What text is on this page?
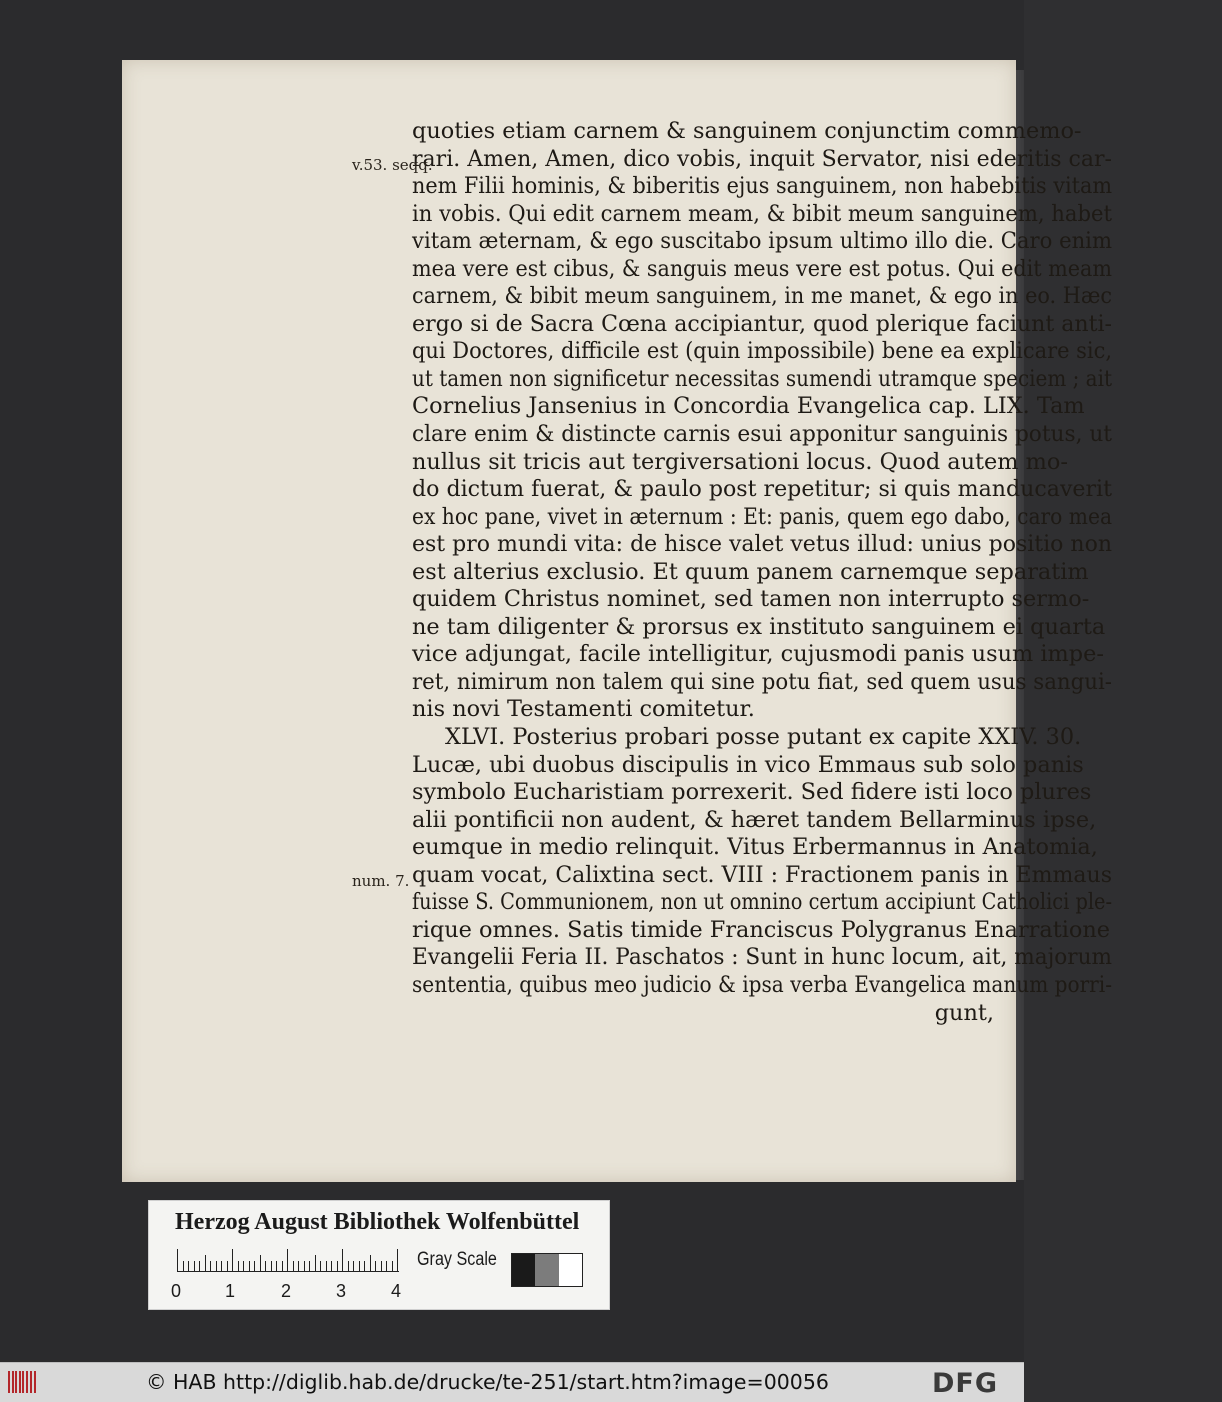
quoties etiam carnem & sanguinem conjunctim commemo-
rari. Amen, Amen, dico vobis, inquit Servator, nisi ederitis car-
nem Filii hominis, & biberitis ejus sanguinem, non habebitis vitam
in vobis. Qui edit carnem meam, & bibit meum sanguinem, habet
vitam æternam, & ego suscitabo ipsum ultimo illo die. Caro enim
mea vere est cibus, & sanguis meus vere est potus. Qui edit meam
carnem, & bibit meum sanguinem, in me manet, & ego in eo. Hæc
ergo si de Sacra Cœna accipiantur, quod plerique faciunt anti-
qui Doctores, difficile est (quin impossibile) bene ea explicare sic,
ut tamen non significetur necessitas sumendi utramque speciem ; ait
Cornelius Jansenius in Concordia Evangelica cap. LIX. Tam
clare enim & distincte carnis esui apponitur sanguinis potus, ut
nullus sit tricis aut tergiversationi locus. Quod autem mo-
do dictum fuerat, & paulo post repetitur; si quis manducaverit
ex hoc pane, vivet in æternum : Et: panis, quem ego dabo, caro mea
est pro mundi vita: de hisce valet vetus illud: unius positio non
est alterius exclusio. Et quum panem carnemque separatim
quidem Christus nominet, sed tamen non interrupto sermo-
ne tam diligenter & prorsus ex instituto sanguinem ei quarta
vice adjungat, facile intelligitur, cujusmodi panis usum impe-
ret, nimirum non talem qui sine potu fiat, sed quem usus sangui-
nis novi Testamenti comitetur.
XLVI. Posterius probari posse putant ex capite XXIV. 30.
Lucæ, ubi duobus discipulis in vico Emmaus sub solo panis
symbolo Eucharistiam porrexerit. Sed fidere isti loco plures
alii pontificii non audent, & hæret tandem Bellarminus ipse,
eumque in medio relinquit. Vitus Erbermannus in Anatomia,
quam vocat, Calixtina sect. VIII : Fractionem panis in Emmaus
fuisse S. Communionem, non ut omnino certum accipiunt Catholici ple-
rique omnes. Satis timide Franciscus Polygranus Enarratione
Evangelii Feria II. Paschatos : Sunt in hunc locum, ait, majorum
sententia, quibus meo judicio & ipsa verba Evangelica manum porri-
gunt,
v.53. seqq.
num. 7.
Herzog August Bibliothek Wolfenbüttel
0 1	2 3 4
Gray Scale
© HAB http://diglib.hab.de/drucke/te-251/start.htm?image=00056	DFG
